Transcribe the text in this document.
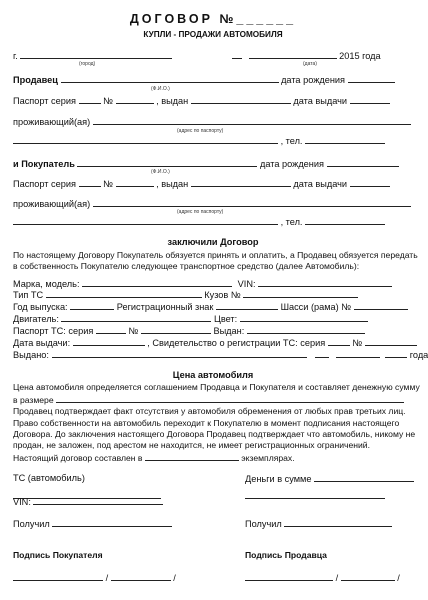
ДОГОВОР №______
КУПЛИ - ПРОДАЖИ АВТОМОБИЛЯ
г.
(город)
2015 года
(дата)
Продавец	дата рождения
(Ф.И.О.)
Паспорт серия	№	, выдан	дата выдачи
проживающий(ая)
(адрес по паспорту)
, тел.
и Покупатель	дата рождения
(Ф.И.О.)
Паспорт серия	№	, выдан	дата выдачи
проживающий(ая)
(адрес по паспорту)
, тел.
заключили Договор
По настоящему Договору Покупатель обязуется принять и оплатить, а Продавец обязуется передать
в собственность Покупателю следующее транспортное средство (далее Автомобиль):
Марка, модель:	VIN:
Тип ТС	Кузов №
Год выпуска:	Регистрационный знак	Шасси (рама) №
Двигатель:	Цвет:
Паспорт ТС: серия	№	Выдан:
Дата выдачи:	, Свидетельство о регистрации ТС: серия	№
Выдано:	года
Цена автомобиля
Цена автомобиля определяется соглашением Продавца и Покупателя и составляет денежную сумму
в размере
Продавец подтверждает факт отсутствия у автомобиля обременения от любых прав третьих лиц.
Право собственности на автомобиль переходит к Покупателю в момент подписания настоящего
Договора. До заключения настоящего Договора Продавец подтверждает что автомобиль, никому не
продан, не заложен, под арестом не находится, не имеет регистрационных ограничений.
Настоящий договор составлен в	экземплярах.
ТС (автомобиль)	Деньги в сумме
VIN:
Получил	Получил
Подпись Покупателя	Подпись Продавца
/	/	/	/
